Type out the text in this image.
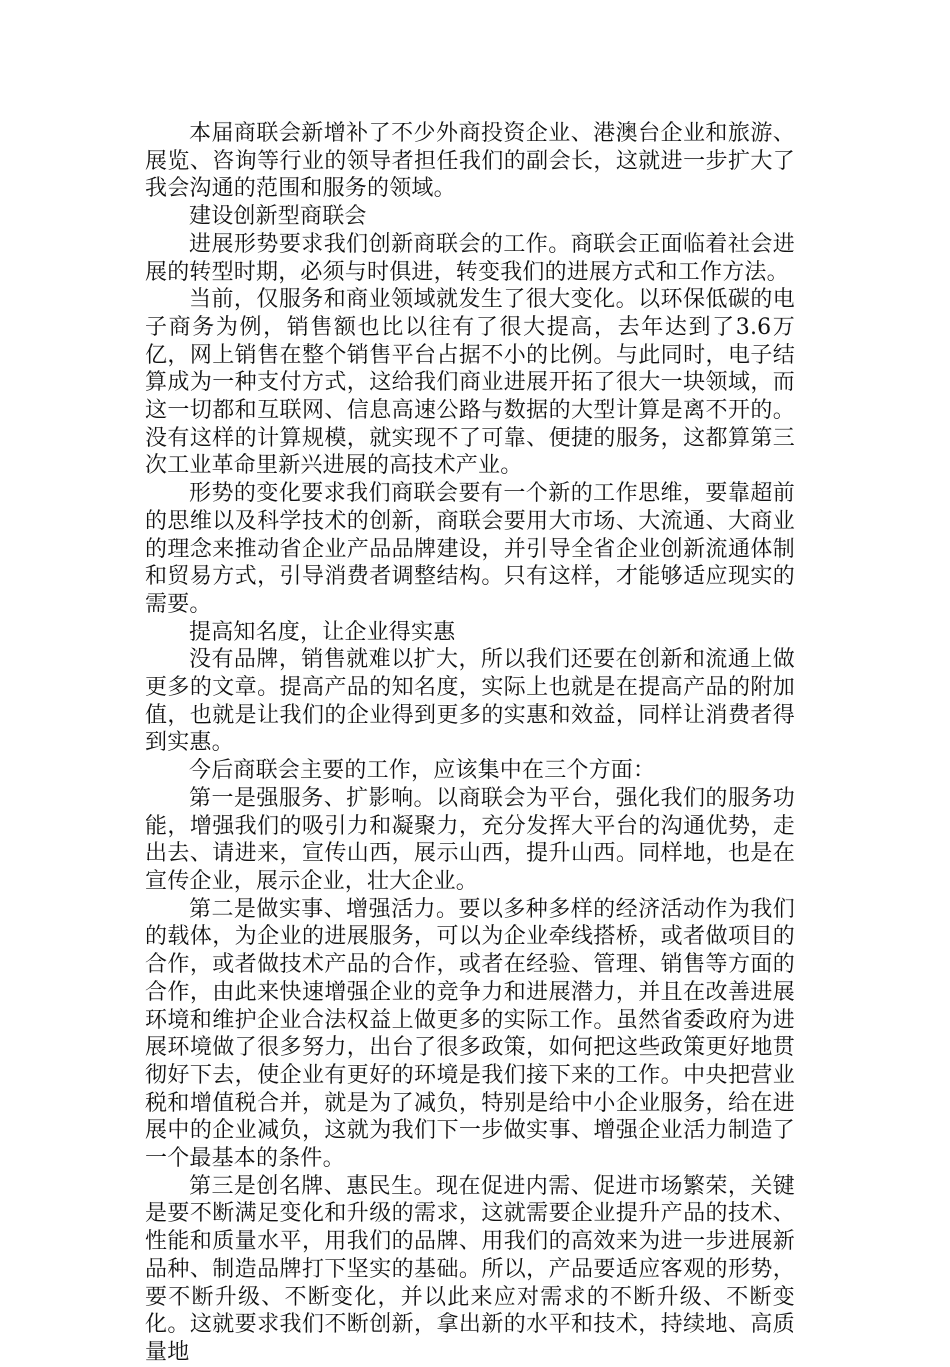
本届商联会新增补了不少外商投资企业、港澳台企业和旅游、展览、咨询等行业的领导者担任我们的副会长，这就进一步扩大了我会沟通的范围和服务的领域。

建设创新型商联会

进展形势要求我们创新商联会的工作。商联会正面临着社会进展的转型时期，必须与时俱进，转变我们的进展方式和工作方法。

当前，仅服务和商业领域就发生了很大变化。以环保低碳的电子商务为例，销售额也比以往有了很大提高，去年达到了3.6万亿，网上销售在整个销售平台占据不小的比例。与此同时，电子结算成为一种支付方式，这给我们商业进展开拓了很大一块领域，而这一切都和互联网、信息高速公路与数据的大型计算是离不开的。没有这样的计算规模，就实现不了可靠、便捷的服务，这都算第三次工业革命里新兴进展的高技术产业。

形势的变化要求我们商联会要有一个新的工作思维，要靠超前的思维以及科学技术的创新，商联会要用大市场、大流通、大商业的理念来推动省企业产品品牌建设，并引导全省企业创新流通体制和贸易方式，引导消费者调整结构。只有这样，才能够适应现实的需要。

提高知名度，让企业得实惠

没有品牌，销售就难以扩大，所以我们还要在创新和流通上做更多的文章。提高产品的知名度，实际上也就是在提高产品的附加值，也就是让我们的企业得到更多的实惠和效益，同样让消费者得到实惠。

今后商联会主要的工作，应该集中在三个方面：

第一是强服务、扩影响。以商联会为平台，强化我们的服务功能，增强我们的吸引力和凝聚力，充分发挥大平台的沟通优势，走出去、请进来，宣传山西，展示山西，提升山西。同样地，也是在宣传企业，展示企业，壮大企业。

第二是做实事、增强活力。要以多种多样的经济活动作为我们的载体，为企业的进展服务，可以为企业牵线搭桥，或者做项目的合作，或者做技术产品的合作，或者在经验、管理、销售等方面的合作，由此来快速增强企业的竞争力和进展潜力，并且在改善进展环境和维护企业合法权益上做更多的实际工作。虽然省委政府为进展环境做了很多努力，出台了很多政策，如何把这些政策更好地贯彻好下去，使企业有更好的环境是我们接下来的工作。中央把营业税和增值税合并，就是为了减负，特别是给中小企业服务，给在进展中的企业减负，这就为我们下一步做实事、增强企业活力制造了一个最基本的条件。

第三是创名牌、惠民生。现在促进内需、促进市场繁荣，关键是要不断满足变化和升级的需求，这就需要企业提升产品的技术、性能和质量水平，用我们的品牌、用我们的高效来为进一步进展新品种、制造品牌打下坚实的基础。所以，产品要适应客观的形势，要不断升级、不断变化，并以此来应对需求的不断升级、不断变化。这就要求我们不断创新，拿出新的水平和技术，持续地、高质量地
